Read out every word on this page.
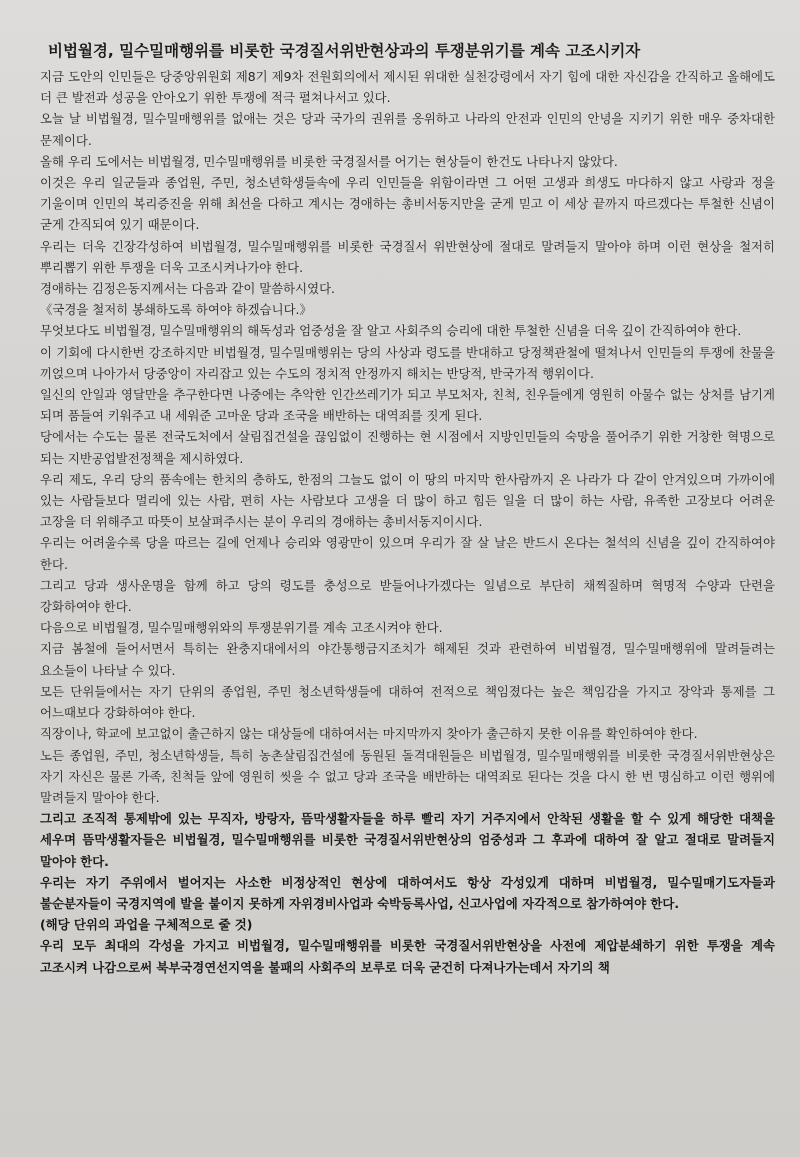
비법월경, 밀수밀매행위를 비롯한 국경질서위반현상과의 투쟁분위기를 계속 고조시키자

지금 도안의 인민들은 당중앙위원회 제8기 제9차 전원회의에서 제시된 위대한 실천강령에서 자기 힘에 대한 자신감을 간직하고 올해에도 더 큰 발전과 성공을 안아오기 위한 투쟁에 적극 펼쳐나서고 있다.

오늘 날 비법월경, 밀수밀매행위를 없애는 것은 당과 국가의 권위를 옹위하고 나라의 안전과 인민의 안녕을 지키기 위한 매우 중차대한 문제이다.

올해 우리 도에서는 비법월경, 민수밀매행위를 비롯한 국경질서를 어기는 현상들이 한건도 나타나지 않았다.

이것은 우리 일군들과 종업원, 주민, 청소년학생들속에 우리 인민들을 위함이라면 그 어떤 고생과 희생도 마다하지 않고 사랑과 정을 기울이며 인민의 복리증진을 위해 최선을 다하고 계시는 경애하는 총비서동지만을 굳게 믿고 이 세상 끝까지 따르겠다는 투철한 신념이 굳게 간직되여 있기 때문이다.

우리는 더욱 긴장각성하여 비법월경, 밀수밀매행위를 비롯한 국경질서 위반현상에 절대로 말려들지 말아야 하며 이런 현상을 철저히 뿌리뽑기 위한 투쟁을 더욱 고조시켜나가야 한다.

경애하는 김정은동지께서는 다음과 같이 말씀하시였다.

《국경을 철저히 봉쇄하도록 하여야 하겠습니다.》

무엇보다도 비법월경, 밀수밀매행위의 해독성과 엄중성을 잘 알고 사회주의 승리에 대한 투철한 신념을 더욱 깊이 간직하여야 한다.

이 기회에 다시한번 강조하지만 비법월경, 밀수밀매행위는 당의 사상과 령도를 반대하고 당정책관철에 떨쳐나서 인민들의 투쟁에 찬물을 끼얹으며 나아가서 당중앙이 자리잡고 있는 수도의 정치적 안정까지 해치는 반당적, 반국가적 행위이다.

일신의 안일과 영달만을 추구한다면 나중에는 추악한 인간쓰레기가 되고 부모처자, 친척, 친우들에게 영원히 아물수 없는 상처를 남기게 되며 품들여 키워주고 내 세워준 고마운 당과 조국을 배반하는 대역죄를 짓게 된다.

당에서는 수도는 물론 전국도처에서 살림집건설을 끊임없이 진행하는 현 시점에서 지방인민들의 숙망을 풀어주기 위한 거창한 혁명으로 되는 지반공업발전정책을 제시하였다.

우리 제도, 우리 당의 품속에는 한치의 층하도, 한점의 그늘도 없이 이 땅의 마지막 한사람까지 온 나라가 다 같이 안겨있으며 가까이에 있는 사람들보다 멀리에 있는 사람, 편히 사는 사람보다 고생을 더 많이 하고 힘든 일을 더 많이 하는 사람, 유족한 고장보다 어려운 고장을 더 위해주고 따뜻이 보살펴주시는 분이 우리의 경애하는 총비서동지이시다.

우리는 어려울수록 당을 따르는 길에 언제나 승리와 영광만이 있으며 우리가 잘 살 날은 반드시 온다는 철석의 신념을 깊이 간직하여야 한다.

그리고 당과 생사운명을 함께 하고 당의 령도를 충성으로 받들어나가겠다는 일념으로 부단히 채찍질하며 혁명적 수양과 단련을 강화하여야 한다.

다음으로 비법월경, 밀수밀매행위와의 투쟁분위기를 계속 고조시켜야 한다.

지금 봄철에 들어서면서 특히는 완충지대에서의 야간통행금지조치가 해제된 것과 관련하여 비법월경, 밀수밀매행위에 말려들려는 요소들이 나타날 수 있다.

모든 단위들에서는 자기 단위의 종업원, 주민 청소년학생들에 대하여 전적으로 책임졌다는 높은 책임감을 가지고 장악과 통제를 그 어느때보다 강화하여야 한다.

직장이나, 학교에 보고없이 출근하지 않는 대상들에 대하여서는 마지막까지 찾아가 출근하지 못한 이유를 확인하여야 한다.

노든 종업원, 주민, 청소년학생들, 특히 농촌살림집건설에 동원된 돌격대원들은 비법월경, 밀수밀매행위를 비롯한 국경질서위반현상은 자기 자신은 물론 가족, 친척들 앞에 영원히 씻을 수 없고 당과 조국을 배반하는 대역죄로 된다는 것을 다시 한 번 명심하고 이런 행위에 말려들지 말아야 한다.

그리고 조직적 통제밖에 있는 무직자, 방랑자, 뜸막생활자들을 하루 빨리 자기 거주지에서 안착된 생활을 할 수 있게 해당한 대책을 세우며 뜸막생활자들은 비법월경, 밀수밀매행위를 비롯한 국경질서위반현상의 엄중성과 그 후과에 대하여 잘 알고 절대로 말려들지 말아야 한다.

우리는 자기 주위에서 벌어지는 사소한 비정상적인 현상에 대하여서도 항상 각성있게 대하며 비법월경, 밀수밀매기도자들과 불순분자들이 국경지역에 발을 붙이지 못하게 자위경비사업과 숙박등록사업, 신고사업에 자각적으로 참가하여야 한다.

(해당 단위의 과업을 구체적으로 줄 것)

우리 모두 최대의 각성을 가지고 비법월경, 밀수밀매행위를 비롯한 국경질서위반현상을 사전에 제압분쇄하기 위한 투쟁을 계속 고조시켜 나감으로써 북부국경연선지역을 불패의 사회주의 보루로 더욱 굳건히 다져나가는데서 자기의 책
